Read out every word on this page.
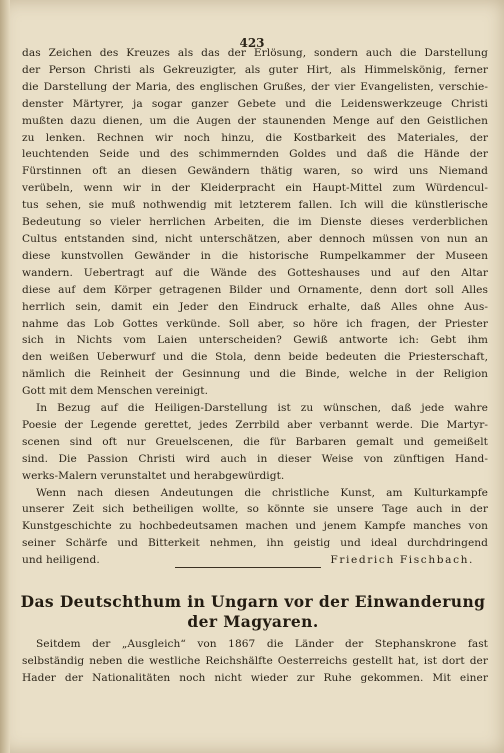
423
das Zeichen des Kreuzes als das der Erlösung, sondern auch die Darstellung
der Person Christi als Gekreuzigter, als guter Hirt, als Himmelskönig, ferner
die Darstellung der Maria, des englischen Grußes, der vier Evangelisten, verschie-
denster Märtyrer, ja sogar ganzer Gebete und die Leidenswerkzeuge Christi
mußten dazu dienen, um die Augen der staunenden Menge auf den Geistlichen
zu lenken. Rechnen wir noch hinzu, die Kostbarkeit des Materiales, der
leuchtenden Seide und des schimmernden Goldes und daß die Hände der
Fürstinnen oft an diesen Gewändern thätig waren, so wird uns Niemand
verübeln, wenn wir in der Kleiderpracht ein Haupt-Mittel zum Würdencul-
tus sehen, sie muß nothwendig mit letzterem fallen. Ich will die künstlerische
Bedeutung so vieler herrlichen Arbeiten, die im Dienste dieses verderblichen
Cultus entstanden sind, nicht unterschätzen, aber dennoch müssen von nun an
diese kunstvollen Gewänder in die historische Rumpelkammer der Museen
wandern. Uebertragt auf die Wände des Gotteshauses und auf den Altar
diese auf dem Körper getragenen Bilder und Ornamente, denn dort soll Alles
herrlich sein, damit ein Jeder den Eindruck erhalte, daß Alles ohne Aus-
nahme das Lob Gottes verkünde. Soll aber, so höre ich fragen, der Priester
sich in Nichts vom Laien unterscheiden? Gewiß antworte ich: Gebt ihm
den weißen Ueberwurf und die Stola, denn beide bedeuten die Priesterschaft,
nämlich die Reinheit der Gesinnung und die Binde, welche in der Religion
Gott mit dem Menschen vereinigt.
In Bezug auf die Heiligen-Darstellung ist zu wünschen, daß jede wahre
Poesie der Legende gerettet, jedes Zerrbild aber verbannt werde. Die Martyr-
scenen sind oft nur Greuelscenen, die für Barbaren gemalt und gemeißelt
sind. Die Passion Christi wird auch in dieser Weise von zünftigen Hand-
werks-Malern verunstaltet und herabgewürdigt.
Wenn nach diesen Andeutungen die christliche Kunst, am Kulturkampfe
unserer Zeit sich betheiligen wollte, so könnte sie unsere Tage auch in der
Kunstgeschichte zu hochbedeutsamen machen und jenem Kampfe manches von
seiner Schärfe und Bitterkeit nehmen, ihn geistig und ideal durchdringend
und heiligend.	Friedrich Fischbach.
Das Deutschthum in Ungarn vor der Einwanderung
der Magyaren.
Seitdem der „Ausgleich“ von 1867 die Länder der Stephanskrone fast
selbständig neben die westliche Reichshälfte Oesterreichs gestellt hat, ist dort der
Hader der Nationalitäten noch nicht wieder zur Ruhe gekommen. Mit einer
